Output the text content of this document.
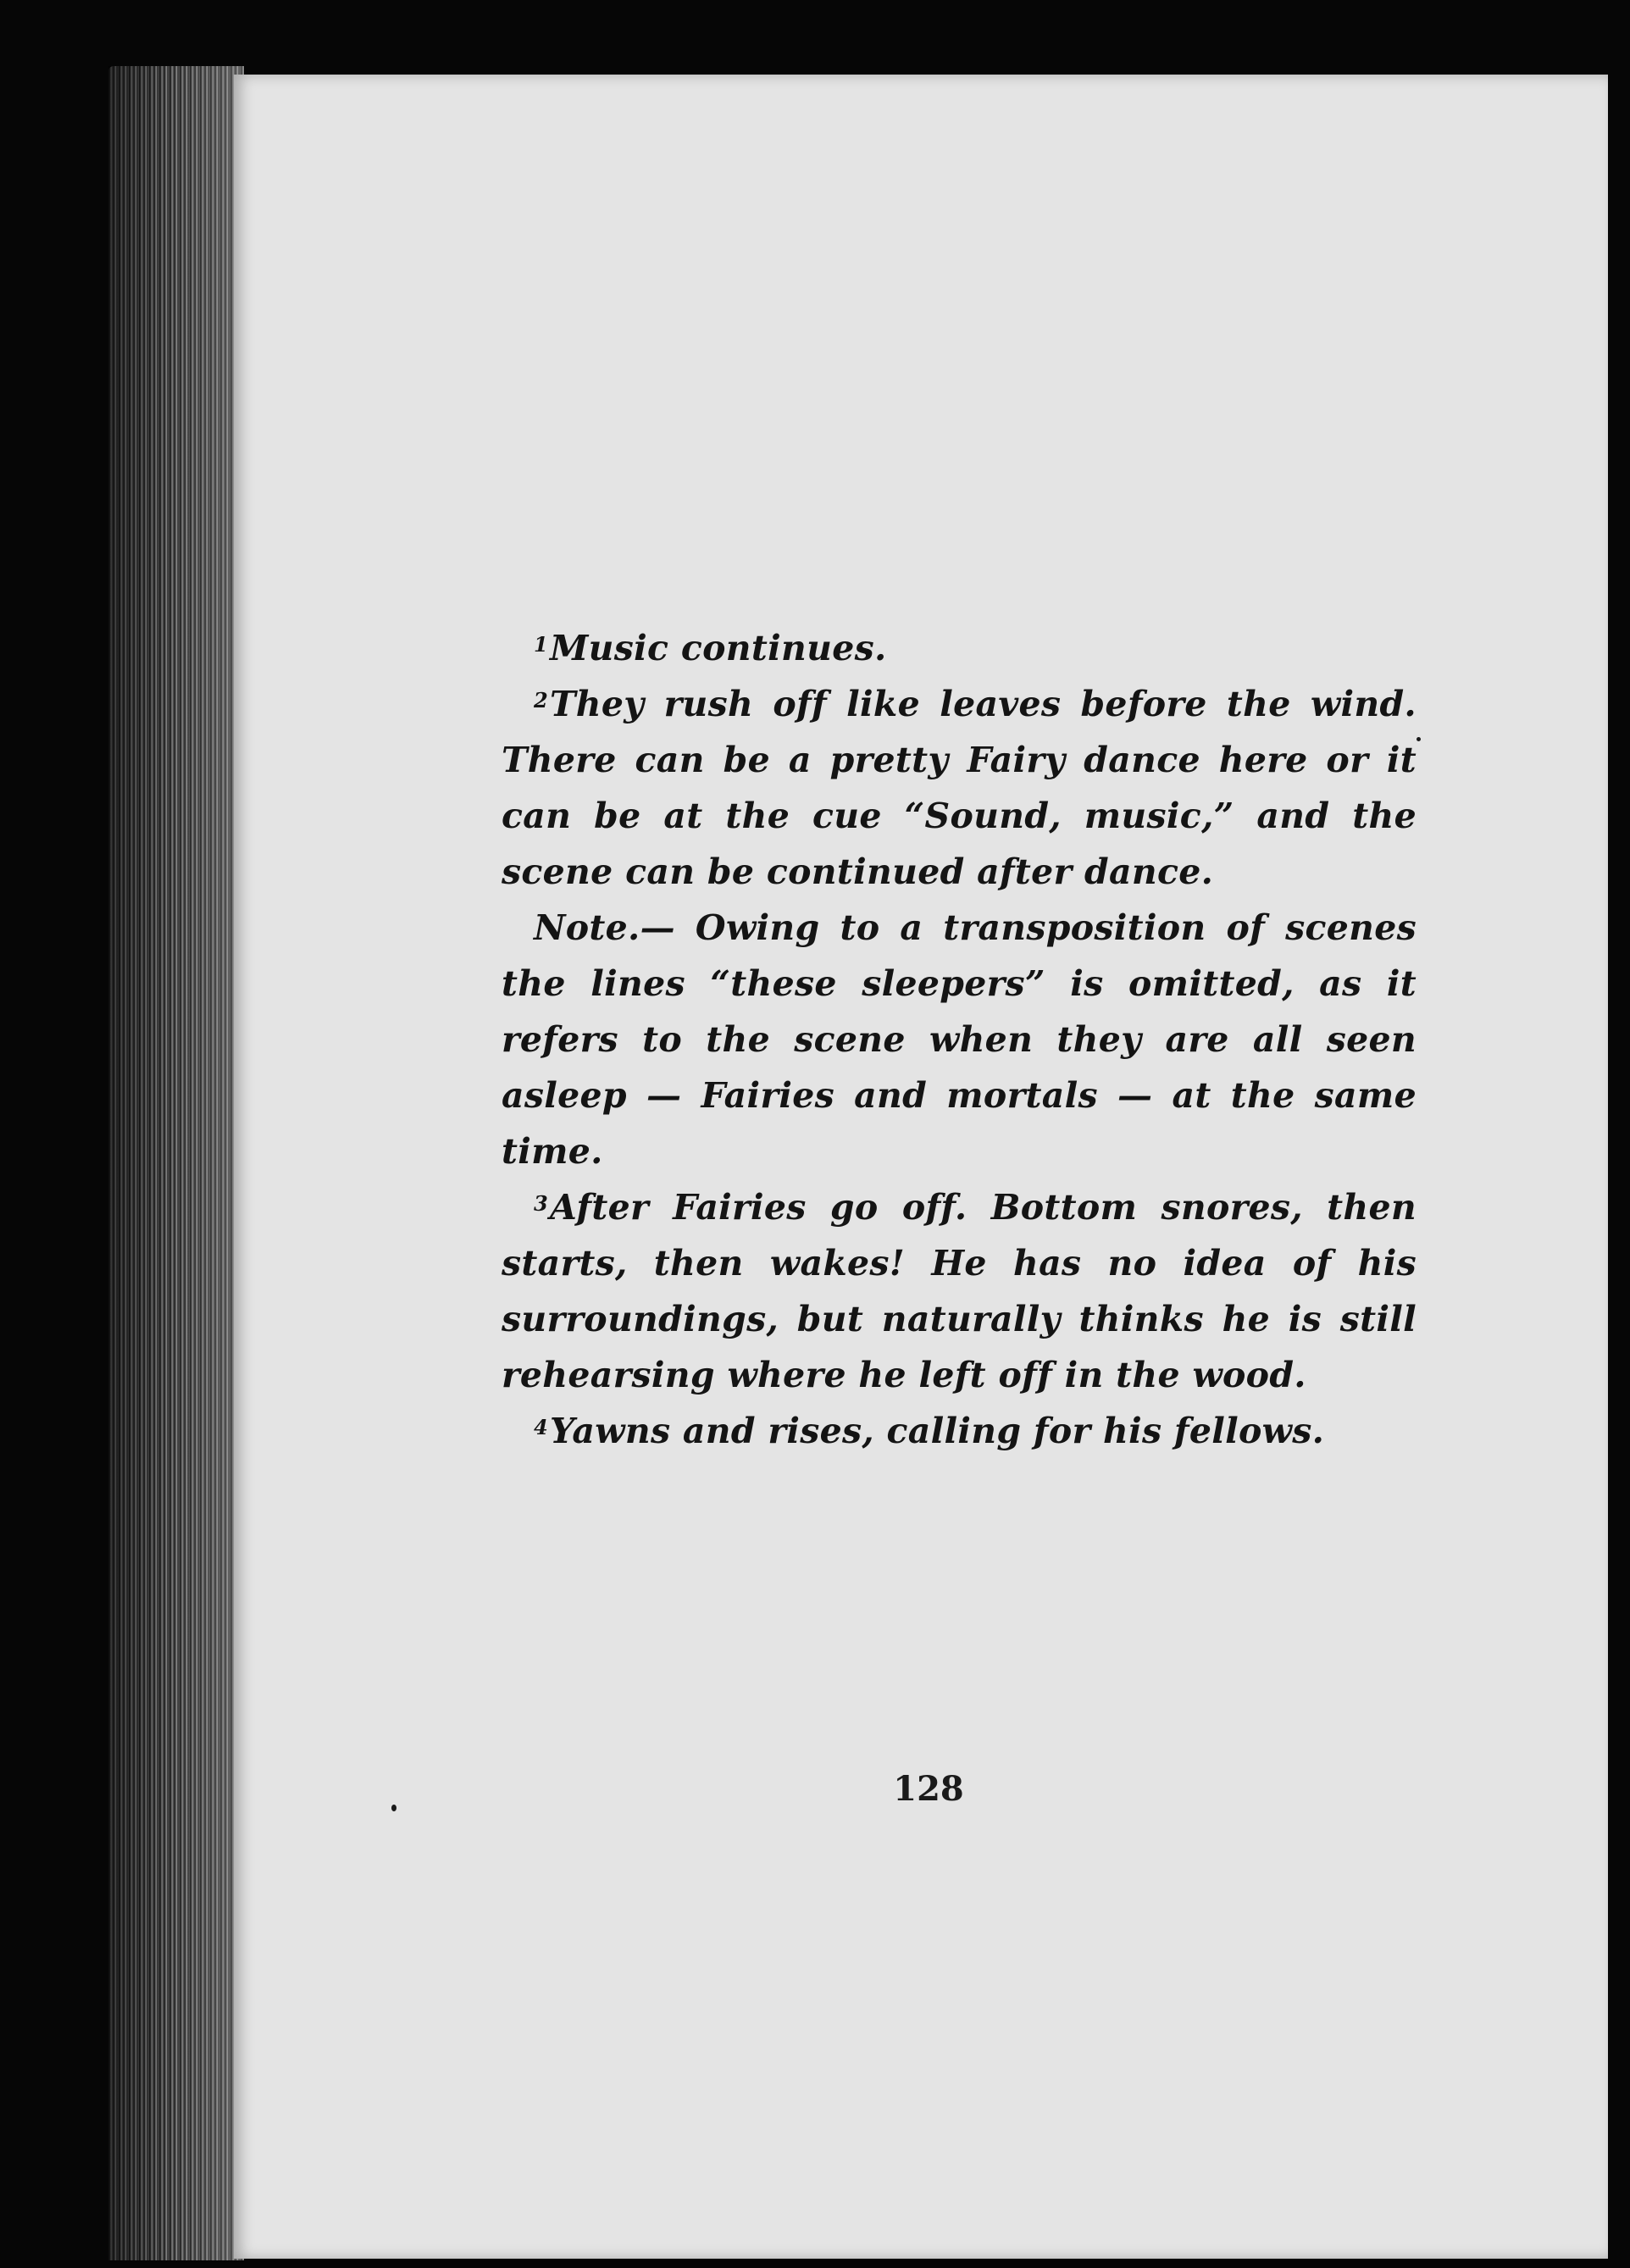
$^1$Music continues.

$^2$They rush off like leaves before the wind. There can be a pretty Fairy dance here or it can be at the cue “Sound, music,” and the scene can be continued after dance.

Note.— Owing to a transposition of scenes the lines “these sleepers” is omitted, as it refers to the scene when they are all seen asleep — Fairies and mortals — at the same time.

$^3$After Fairies go off. Bottom snores, then starts, then wakes! He has no idea of his surroundings, but naturally thinks he is still rehearsing where he left off in the wood.

$^4$Yawns and rises, calling for his fellows.

128
